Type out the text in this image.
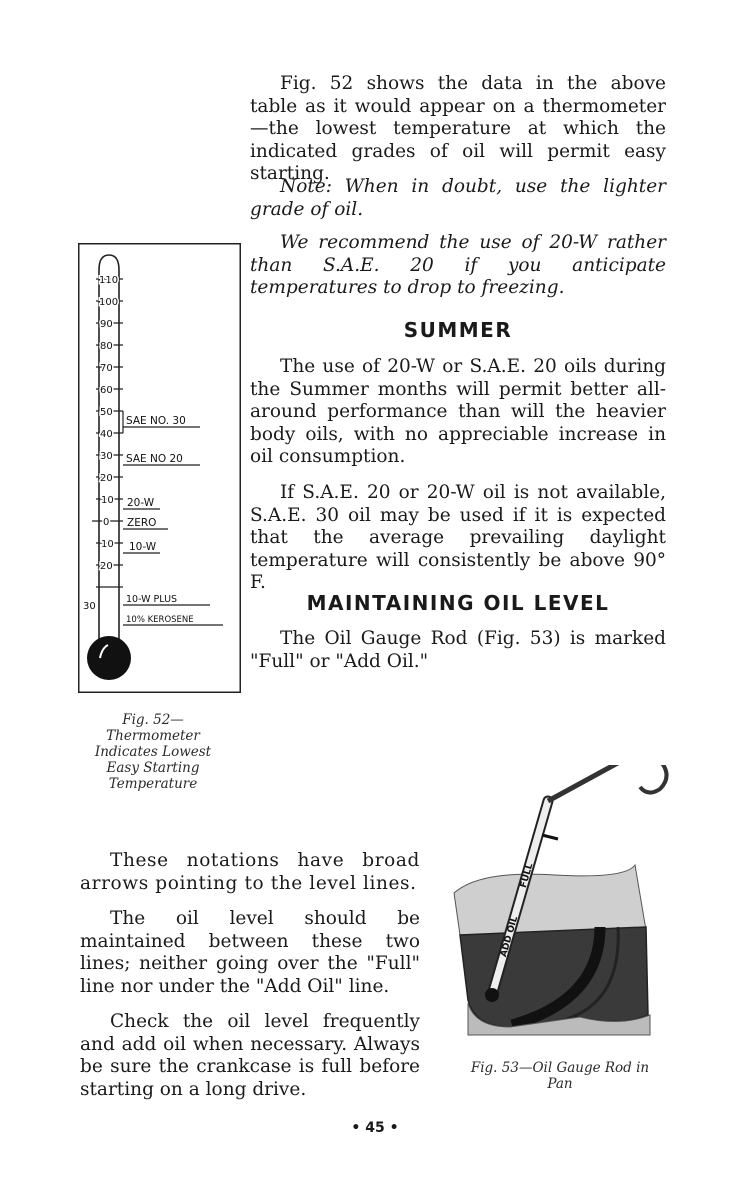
Fig. 52 shows the data in the above table as it would appear on a thermometer—the lowest temperature at which the indicated grades of oil will permit easy starting.

Note: When in doubt, use the lighter grade of oil.

We recommend the use of 20-W rather than S.A.E. 20 if you anticipate temperatures to drop to freezing.

SUMMER

The use of 20-W or S.A.E. 20 oils during the Summer months will permit better all-around performance than will the heavier body oils, with no appreciable increase in oil consumption.

If S.A.E. 20 or 20-W oil is not available, S.A.E. 30 oil may be used if it is expected that the average prevailing daylight temperature will consistently be above 90° F.

MAINTAINING OIL LEVEL

The Oil Gauge Rod (Fig. 53) is marked "Full" or "Add Oil."

110
100
90
80
70
60
50
40
30
20
10
0
10
20
30
SAE NO. 30
SAE NO 20
20-W
ZERO
10-W
10-W PLUS
10% KEROSENE

Fig. 52—Thermometer Indicates Lowest Easy Starting Temperature

These notations have broad arrows pointing to the level lines.

The oil level should be maintained between these two lines; neither going over the "Full" line nor under the "Add Oil" line.

Check the oil level frequently and add oil when necessary. Always be sure the crankcase is full before starting on a long drive.

FULL
ADD OIL

Fig. 53—Oil Gauge Rod in Pan

• 45 •
